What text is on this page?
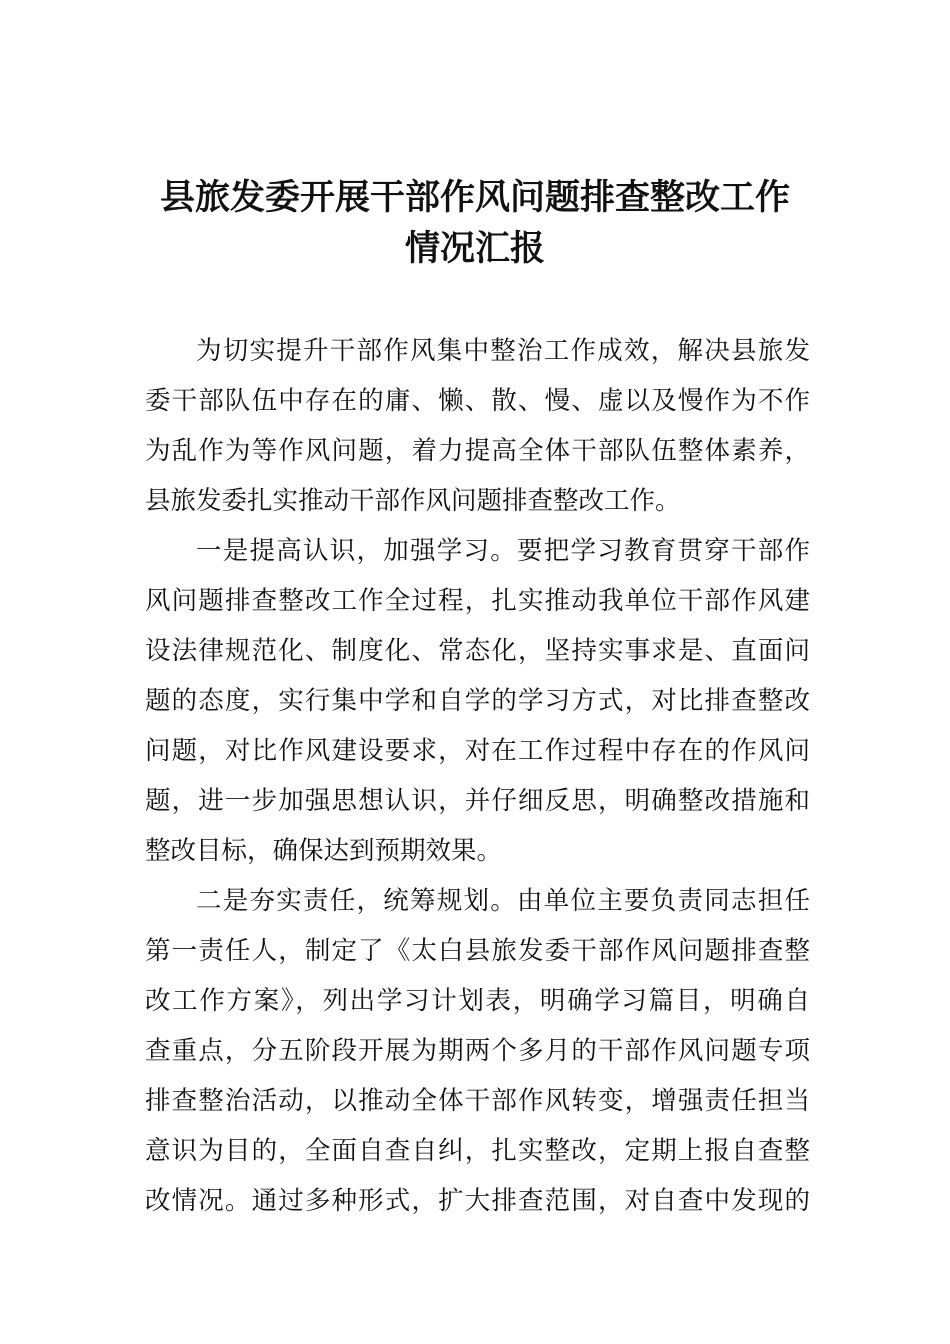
县旅发委开展干部作风问题排查整改工作
情况汇报

为切实提升干部作风集中整治工作成效，解决县旅发

委干部队伍中存在的庸、懒、散、慢、虚以及慢作为不作

为乱作为等作风问题，着力提高全体干部队伍整体素养，

县旅发委扎实推动干部作风问题排查整改工作。

一是提高认识，加强学习。要把学习教育贯穿干部作

风问题排查整改工作全过程，扎实推动我单位干部作风建

设法律规范化、制度化、常态化，坚持实事求是、直面问

题的态度，实行集中学和自学的学习方式，对比排查整改

问题，对比作风建设要求，对在工作过程中存在的作风问

题，进一步加强思想认识，并仔细反思，明确整改措施和

整改目标，确保达到预期效果。

二是夯实责任，统筹规划。由单位主要负责同志担任

第一责任人，制定了《太白县旅发委干部作风问题排查整

改工作方案》，列出学习计划表，明确学习篇目，明确自

查重点，分五阶段开展为期两个多月的干部作风问题专项

排查整治活动，以推动全体干部作风转变，增强责任担当

意识为目的，全面自查自纠，扎实整改，定期上报自查整

改情况。通过多种形式，扩大排查范围，对自查中发现的
